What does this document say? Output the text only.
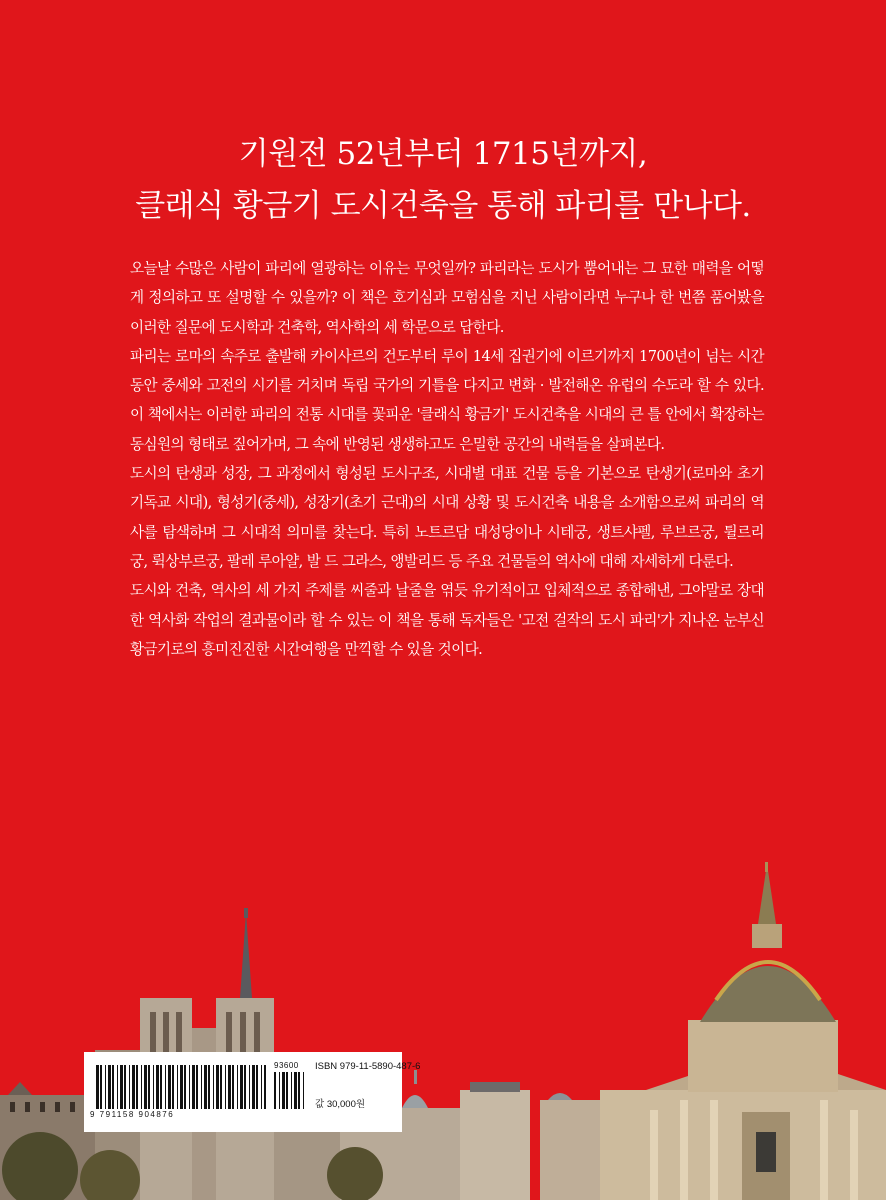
기원전 52년부터 1715년까지,
클래식 황금기 도시건축을 통해 파리를 만나다.

오늘날 수많은 사람이 파리에 열광하는 이유는 무엇일까? 파리라는 도시가 뿜어내는 그 묘한 매력을 어떻게 정의하고 또 설명할 수 있을까? 이 책은 호기심과 모험심을 지닌 사람이라면 누구나 한 번쯤 품어봤을 이러한 질문에 도시학과 건축학, 역사학의 세 학문으로 답한다.

파리는 로마의 속주로 출발해 카이사르의 건도부터 루이 14세 집권기에 이르기까지 1700년이 넘는 시간 동안 중세와 고전의 시기를 거치며 독립 국가의 기틀을 다지고 변화 · 발전해온 유럽의 수도라 할 수 있다. 이 책에서는 이러한 파리의 전통 시대를 꽃피운 '클래식 황금기' 도시건축을 시대의 큰 틀 안에서 확장하는 동심원의 형태로 짚어가며, 그 속에 반영된 생생하고도 은밀한 공간의 내력들을 살펴본다.

도시의 탄생과 성장, 그 과정에서 형성된 도시구조, 시대별 대표 건물 등을 기본으로 탄생기(로마와 초기 기독교 시대), 형성기(중세), 성장기(초기 근대)의 시대 상황 및 도시건축 내용을 소개함으로써 파리의 역사를 탐색하며 그 시대적 의미를 찾는다. 특히 노트르담 대성당이나 시테궁, 생트샤펠, 루브르궁, 튈르리궁, 뤽상부르궁, 팔레 루아얄, 발 드 그라스, 앵발리드 등 주요 건물들의 역사에 대해 자세하게 다룬다.

도시와 건축, 역사의 세 가지 주제를 씨줄과 날줄을 엮듯 유기적이고 입체적으로 종합해낸, 그야말로 장대한 역사화 작업의 결과물이라 할 수 있는 이 책을 통해 독자들은 '고전 걸작의 도시 파리'가 지나온 눈부신 황금기로의 흥미진진한 시간여행을 만끽할 수 있을 것이다.

9 791158 904876
93600 ISBN 979-11-5890-487-6
값 30,000원
